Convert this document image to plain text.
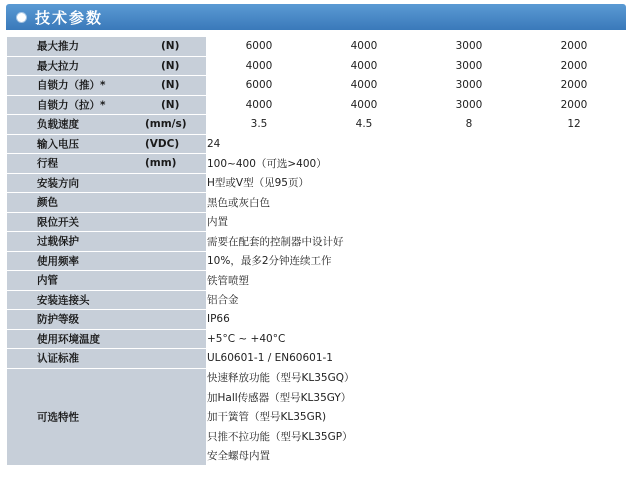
技术参数
最大推力 (N)	6000	4000	3000	2000

最大拉力 (N)	4000	4000	3000	2000

自锁力（推）* (N)	6000	4000	3000	2000

自锁力（拉）* (N)	4000	4000	3000	2000

负载速度 (mm/s)	3.5	4.5	8	12

输入电压 (VDC)	24			

行程 (mm)	100~400（可选>400）			

安装方向	H型或V型（见95页）			

颜色	黑色或灰白色			

限位开关	内置			

过载保护	需要在配套的控制器中设计好			

使用频率	10%，最多2分钟连续工作			

内管	铁管喷塑			

安装连接头	铝合金			

防护等级	IP66			

使用环境温度	+5°C ~ +40°C			

认证标准	UL60601-1 / EN60601-1			

可选特性	快速释放功能（型号KL35GQ）			
	加Hall传感器（型号KL35GY）			
	加干簧管（型号KL35GR)			
	只推不拉功能（型号KL35GP）			
	安全螺母内置			
